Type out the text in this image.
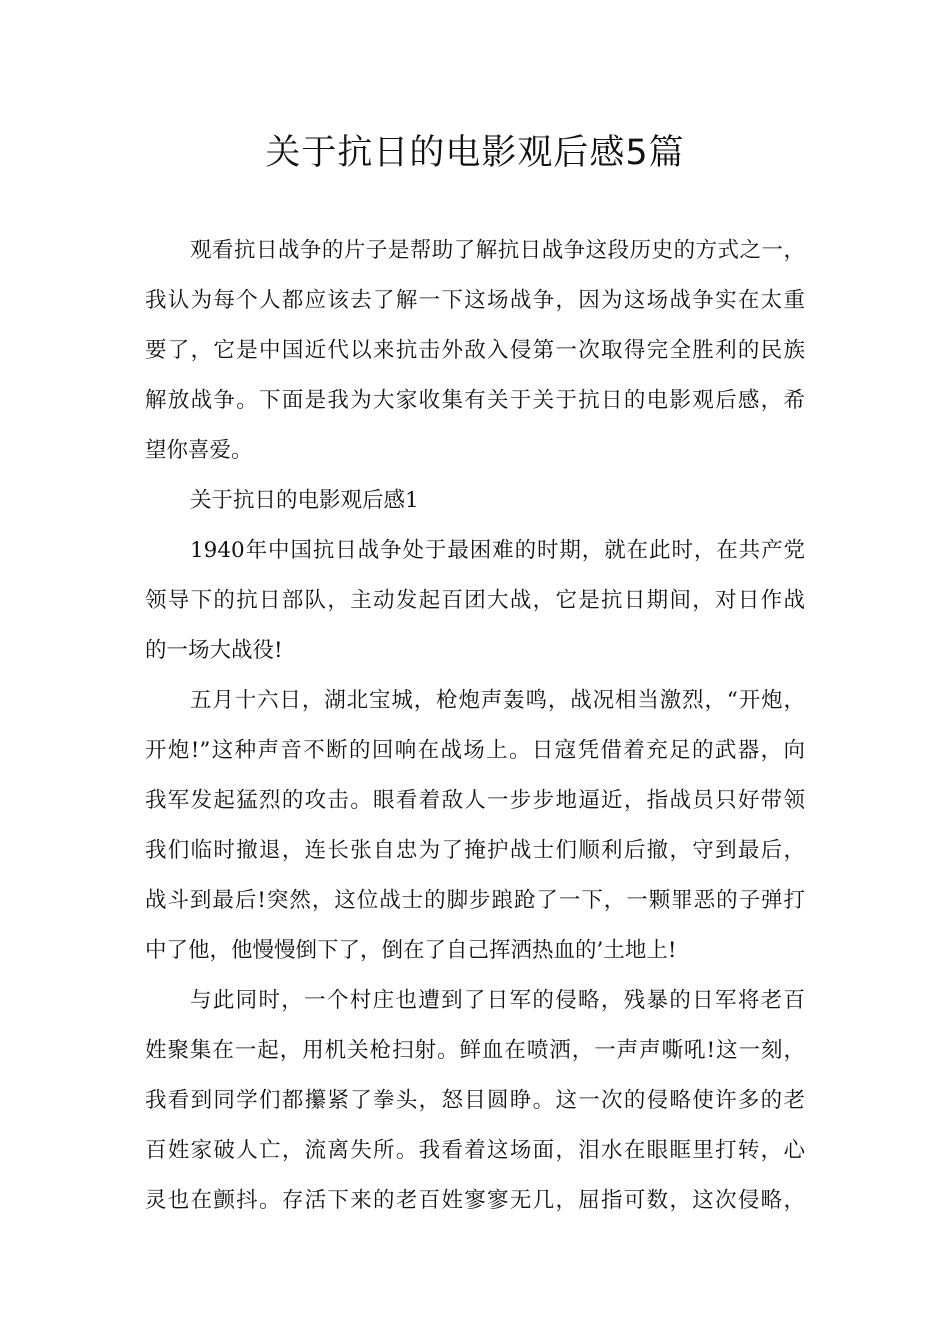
关于抗日的电影观后感5篇
观看抗日战争的片子是帮助了解抗日战争这段历史的方式之一，
我认为每个人都应该去了解一下这场战争，因为这场战争实在太重
要了，它是中国近代以来抗击外敌入侵第一次取得完全胜利的民族
解放战争。下面是我为大家收集有关于关于抗日的电影观后感，希
望你喜爱。
关于抗日的电影观后感1
1940年中国抗日战争处于最困难的时期，就在此时，在共产党
领导下的抗日部队，主动发起百团大战，它是抗日期间，对日作战
的一场大战役!
五月十六日，湖北宝城，枪炮声轰鸣，战况相当激烈，“开炮，
开炮!”这种声音不断的回响在战场上。日寇凭借着充足的武器，向
我军发起猛烈的攻击。眼看着敌人一步步地逼近，指战员只好带领
我们临时撤退，连长张自忠为了掩护战士们顺利后撤，守到最后，
战斗到最后!突然，这位战士的脚步踉跄了一下，一颗罪恶的子弹打
中了他，他慢慢倒下了，倒在了自己挥洒热血的’土地上!
与此同时，一个村庄也遭到了日军的侵略，残暴的日军将老百
姓聚集在一起，用机关枪扫射。鲜血在喷洒，一声声嘶吼!这一刻，
我看到同学们都攥紧了拳头，怒目圆睁。这一次的侵略使许多的老
百姓家破人亡，流离失所。我看着这场面，泪水在眼眶里打转，心
灵也在颤抖。存活下来的老百姓寥寥无几，屈指可数，这次侵略，
